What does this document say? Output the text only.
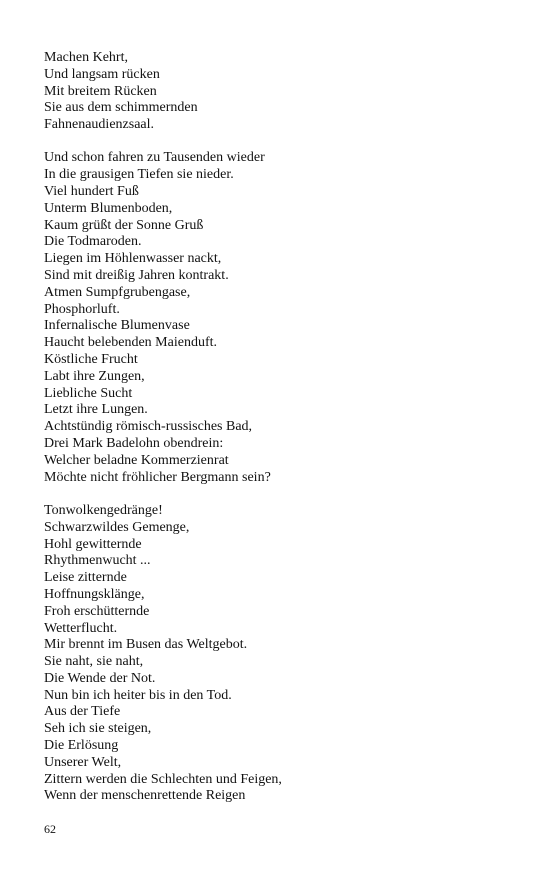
Machen Kehrt,
Und langsam rücken
Mit breitem Rücken
Sie aus dem schimmernden
Fahnenaudienzsaal.
Und schon fahren zu Tausenden wieder
In die grausigen Tiefen sie nieder.
Viel hundert Fuß
Unterm Blumenboden,
Kaum grüßt der Sonne Gruß
Die Todmaroden.
Liegen im Höhlenwasser nackt,
Sind mit dreißig Jahren kontrakt.
Atmen Sumpfgrubengase,
Phosphorluft.
Infernalische Blumenvase
Haucht belebenden Maienduft.
Köstliche Frucht
Labt ihre Zungen,
Liebliche Sucht
Letzt ihre Lungen.
Achtstündig römisch-russisches Bad,
Drei Mark Badelohn obendrein:
Welcher beladne Kommerzienrat
Möchte nicht fröhlicher Bergmann sein?
Tonwolkengedränge!
Schwarzwildes Gemenge,
Hohl gewitternde
Rhythmenwucht ...
Leise zitternde
Hoffnungsklänge,
Froh erschütternde
Wetterflucht.
Mir brennt im Busen das Weltgebot.
Sie naht, sie naht,
Die Wende der Not.
Nun bin ich heiter bis in den Tod.
Aus der Tiefe
Seh ich sie steigen,
Die Erlösung
Unserer Welt,
Zittern werden die Schlechten und Feigen,
Wenn der menschenrettende Reigen
62
